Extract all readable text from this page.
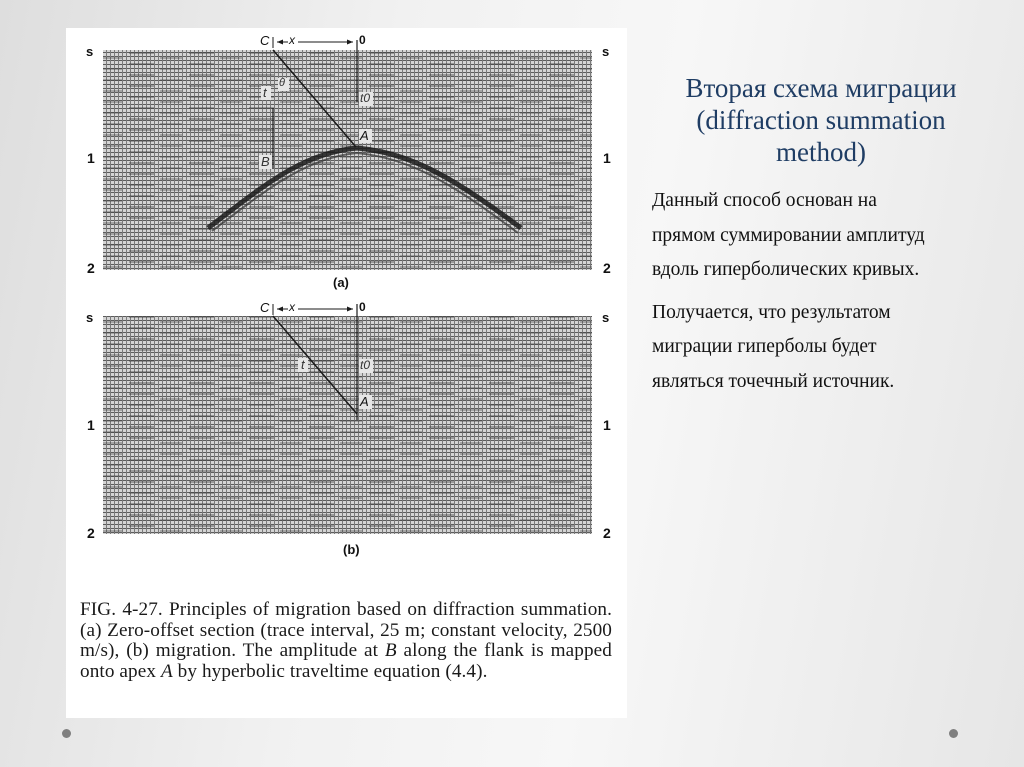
s
1
2
s
1
2
C x	0
θ
t	t0
A
B
(a)
s
1
2
s
1
2
C x	0
t	t0
A
(b)
FIG. 4-27. Principles of migration based on diffraction summation. (a) Zero-offset section (trace interval, 25 m; constant velocity, 2500 m/s), (b) migration. The amplitude at B along the flank is mapped onto apex A by hyperbolic traveltime equation (4.4).
Вторая схема миграции
(diffraction summation
method)
Данный способ основан на
прямом суммировании амплитуд
вдоль гиперболических кривых.
Получается, что результатом
миграции гиперболы будет
являться точечный источник.
